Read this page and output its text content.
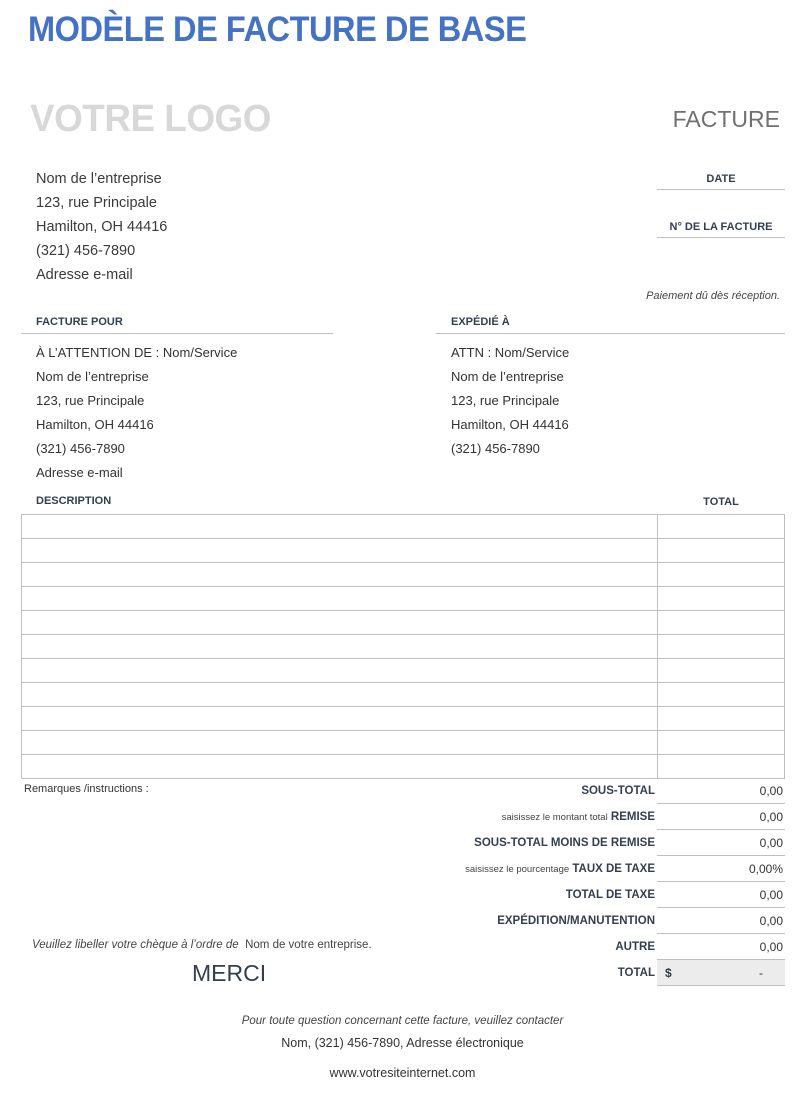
MODÈLE DE FACTURE DE BASE
VOTRE LOGO	FACTURE
Nom de l’entreprise
123, rue Principale
Hamilton, OH 44416
(321) 456-7890
Adresse e-mail
DATE
N° DE LA FACTURE
Paiement dû dès réception.
FACTURE POUR
À L’ATTENTION DE : Nom/Service
Nom de l’entreprise
123, rue Principale
Hamilton, OH 44416
(321) 456-7890
Adresse e-mail
EXPÉDIÉ À
ATTN : Nom/Service
Nom de l’entreprise
123, rue Principale
Hamilton, OH 44416
(321) 456-7890
DESCRIPTION	TOTAL
Remarques /instructions :	SOUS-TOTAL	0,00
saisissez le montant total REMISE	0,00
SOUS-TOTAL MOINS DE REMISE	0,00
saisissez le pourcentage TAUX DE TAXE	0,00%
TOTAL DE TAXE	0,00
EXPÉDITION/MANUTENTION	0,00
AUTRE	0,00
TOTAL $	-
Veuillez libeller votre chèque à l’ordre de Nom de votre entreprise.
MERCI
Pour toute question concernant cette facture, veuillez contacter
Nom, (321) 456-7890, Adresse électronique
www.votresiteinternet.com
